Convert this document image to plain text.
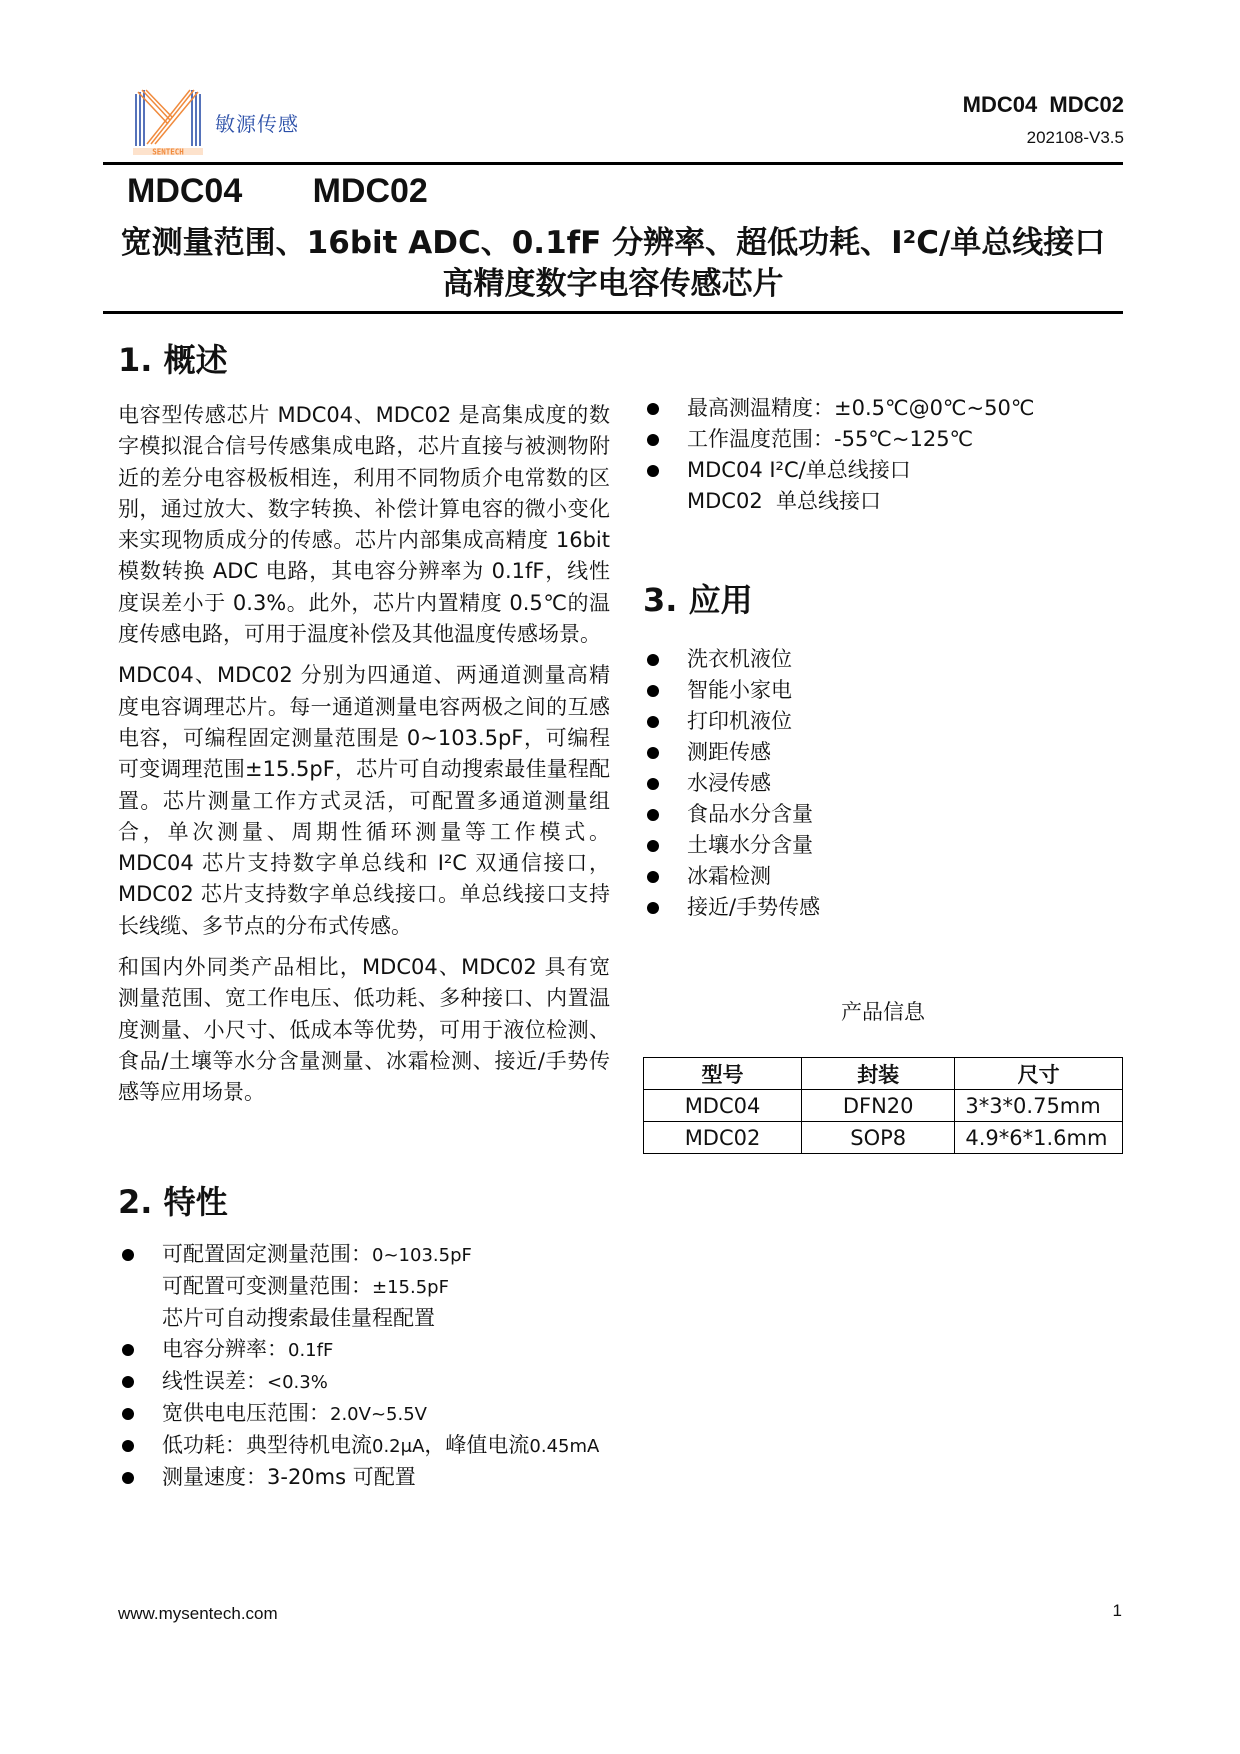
SENTECH
敏源传感
MDC04  MDC02
202108-V3.5
MDC04   MDC02
宽测量范围、16bit ADC、0.1fF 分辨率、超低功耗、I²C/单总线接口
高精度数字电容传感芯片
1. 概述

电容型传感芯片 MDC04、MDC02 是高集成度的数字模拟混合信号传感集成电路，芯片直接与被测物附近的差分电容极板相连，利用不同物质介电常数的区别，通过放大、数字转换、补偿计算电容的微小变化来实现物质成分的传感。芯片内部集成高精度 16bit 模数转换 ADC 电路，其电容分辨率为 0.1fF，线性度误差小于 0.3%。此外，芯片内置精度 0.5℃的温度传感电路，可用于温度补偿及其他温度传感场景。

MDC04、MDC02 分别为四通道、两通道测量高精度电容调理芯片。每一通道测量电容两极之间的互感电容，可编程固定测量范围是 0~103.5pF，可编程可变调理范围±15.5pF，芯片可自动搜索最佳量程配置。芯片测量工作方式灵活，可配置多通道测量组合，单次测量、周期性循环测量等工作模式。MDC04 芯片支持数字单总线和 I²C 双通信接口，MDC02 芯片支持数字单总线接口。单总线接口支持长线缆、多节点的分布式传感。

和国内外同类产品相比，MDC04、MDC02 具有宽测量范围、宽工作电压、低功耗、多种接口、内置温度测量、小尺寸、低成本等优势，可用于液位检测、食品/土壤等水分含量测量、冰霜检测、接近/手势传感等应用场景。

2. 特性
可配置固定测量范围：0~103.5pF
可配置可变测量范围：±15.5pF
芯片可自动搜索最佳量程配置
电容分辨率：0.1fF
线性误差：<0.3%
宽供电电压范围：2.0V~5.5V
低功耗：典型待机电流0.2μA，峰值电流0.45mA
测量速度：3-20ms 可配置
最高测温精度：±0.5℃@0℃~50℃
工作温度范围：-55℃~125℃
MDC04 I²C/单总线接口
MDC02  单总线接口
3. 应用
洗衣机液位
智能小家电
打印机液位
测距传感
水浸传感
食品水分含量
土壤水分含量
冰霜检测
接近/手势传感
产品信息
型号	封装	尺寸
MDC04	DFN20	3*3*0.75mm
MDC02	SOP8	4.9*6*1.6mm
www.mysentech.com	1
